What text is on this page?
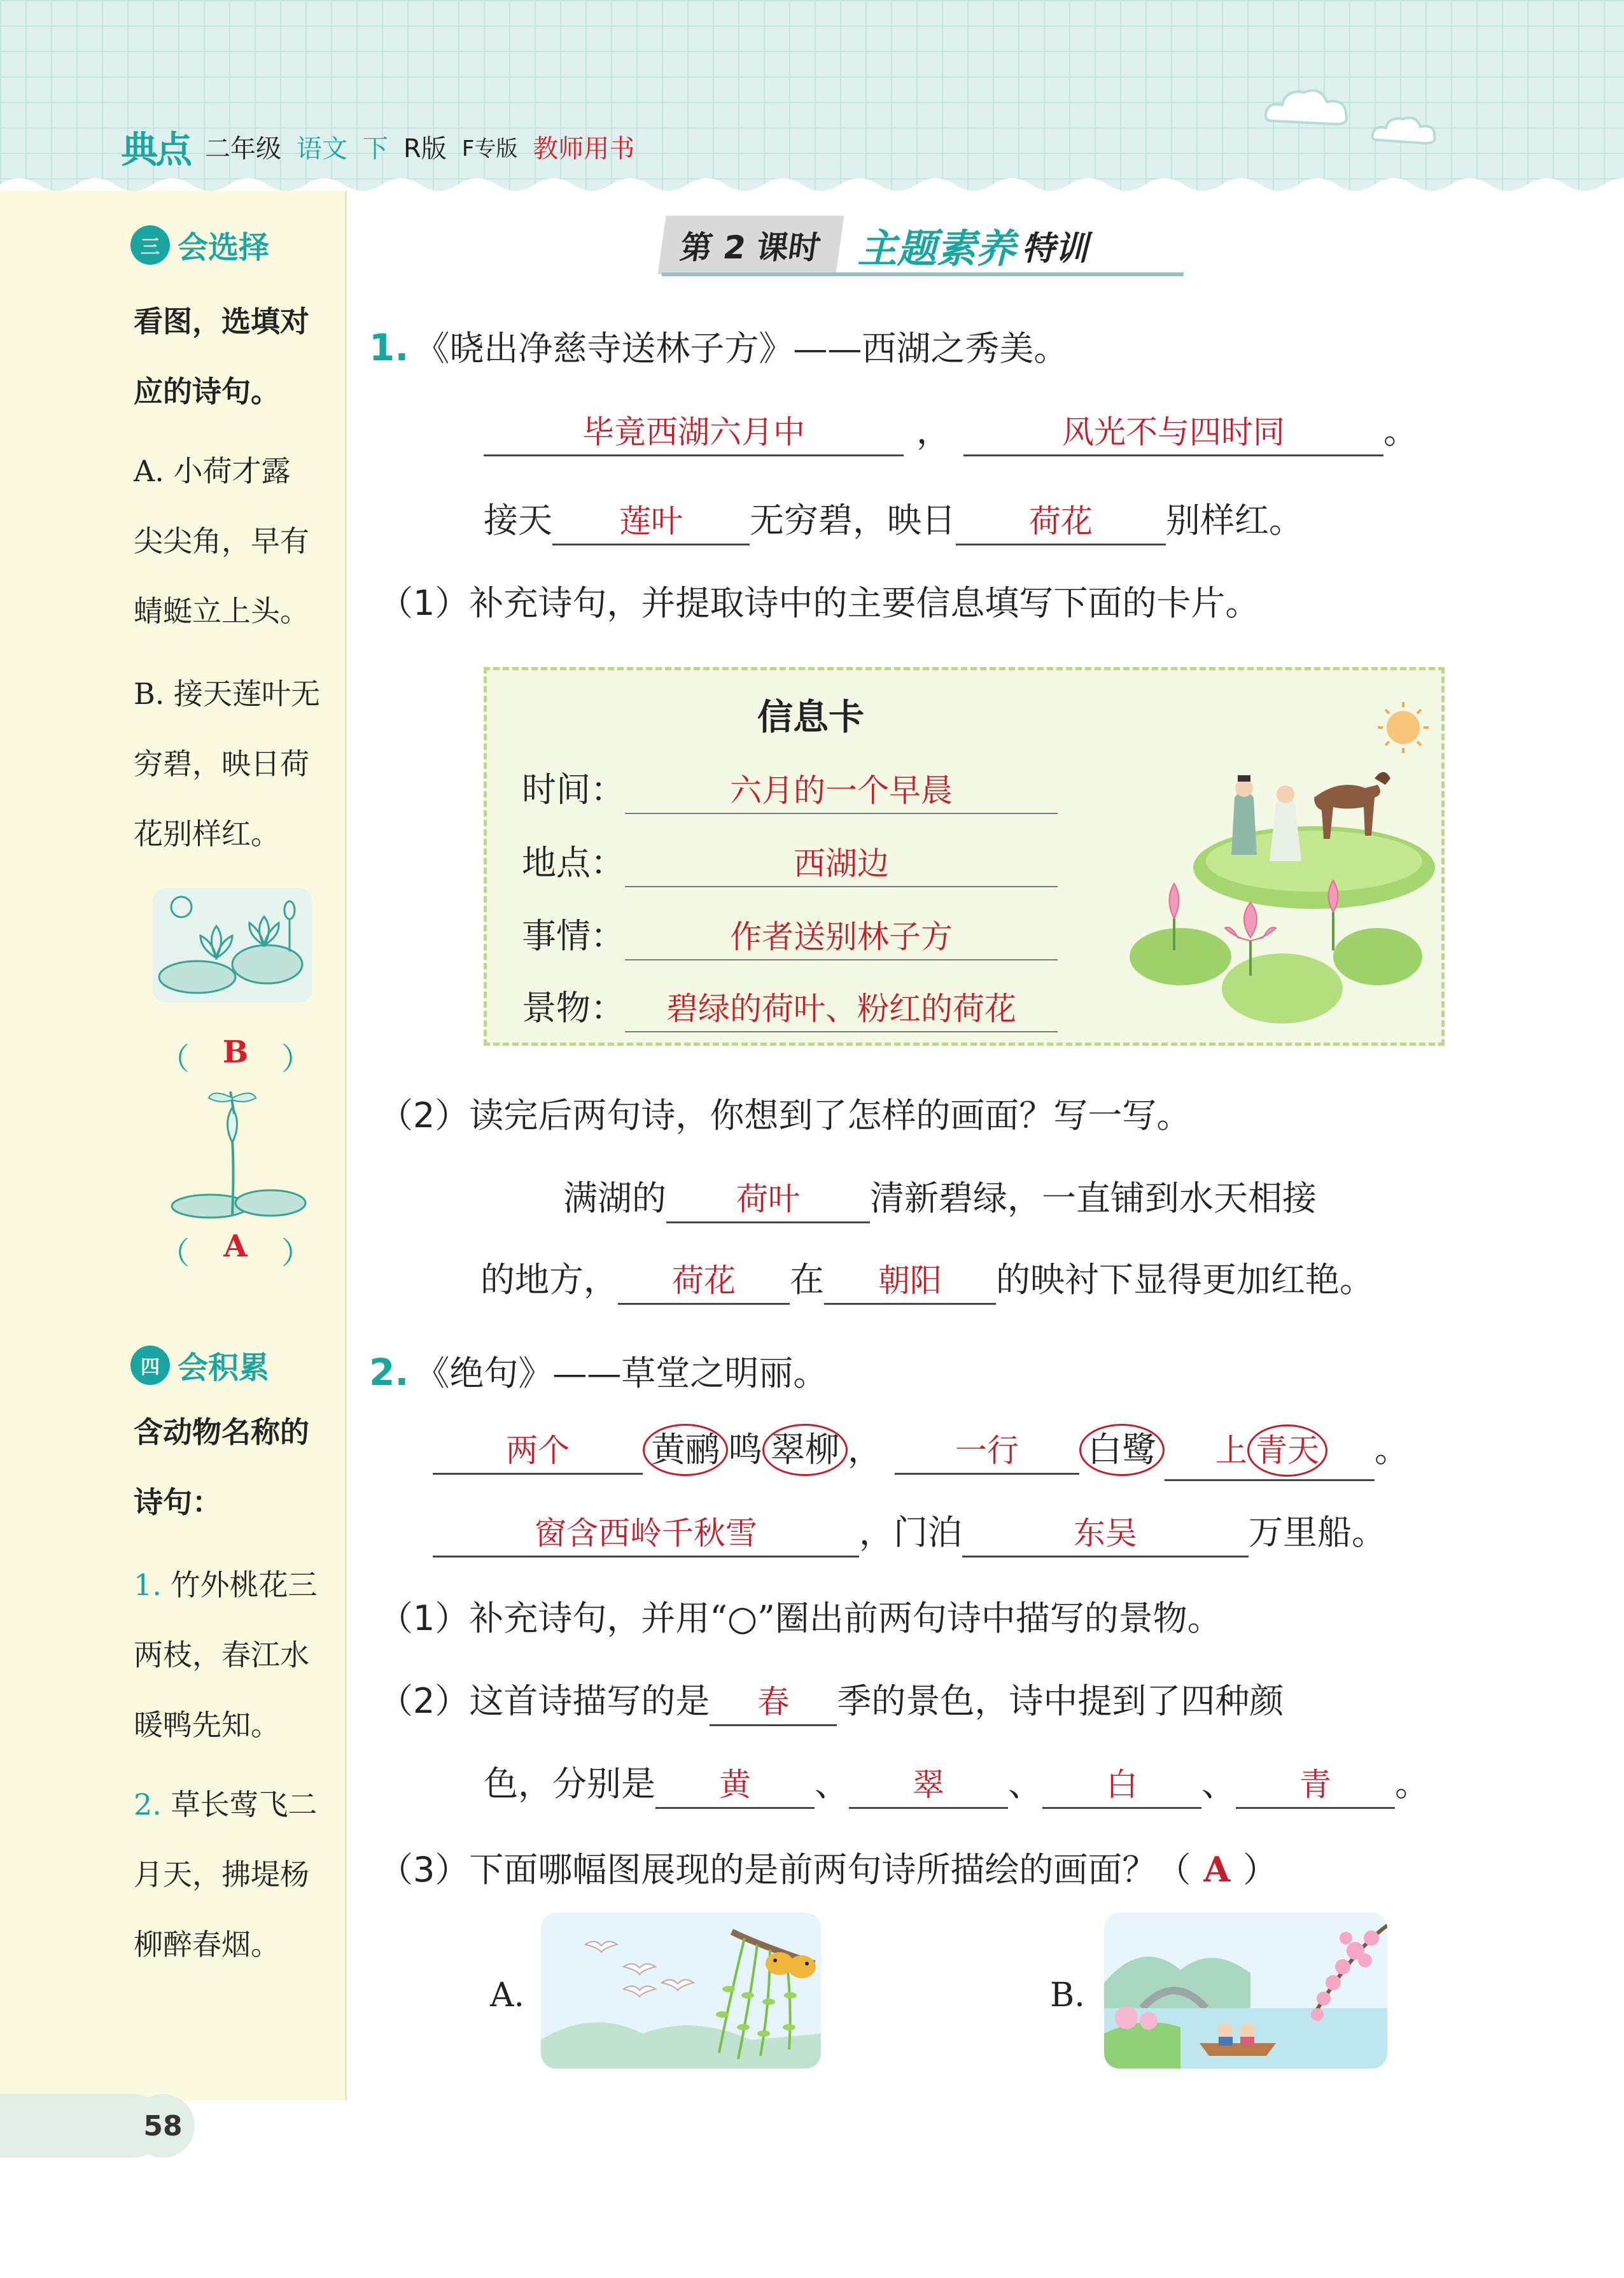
典点 二年级 语文 下 R版 F专版 教师用书
三 会选择
看图，选填对
应的诗句。
A. 小荷才露
尖尖角，早有
蜻蜓立上头。
B. 接天莲叶无
穷碧，映日荷
花别样红。
（ B ）
（ A ）
四 会积累
含动物名称的
诗句：
1. 竹外桃花三
两枝，春江水
暖鸭先知。
2. 草长莺飞二
月天，拂堤杨
柳醉春烟。
58
第 2 课时 主题素养 特训
1. 《晓出净慈寺送林子方》——西湖之秀美。
毕竟西湖六月中	，	风光不与四时同	。
接天	莲叶	无穷碧，映日	荷花	别样红。
（1） 补充诗句，并提取诗中的主要信息填写下面的卡片。
信息卡
时间：	六月的一个早晨
地点：	西湖边
事情：	作者送别林子方
景物：	碧绿的荷叶、粉红的荷花
（2） 读完后两句诗，你想到了怎样的画面？写一写。
满湖的	荷叶	清新碧绿，一直铺到水天相接
的地方，	荷花	在	朝阳	的映衬下显得更加红艳。
2. 《绝句》——草堂之明丽。
两个	黄鹂 鸣 翠柳 ，	一行	白鹭	上 青天	。
窗含西岭千秋雪	，门泊	东吴	万里船。
（1） 补充诗句，并用“○”圈出前两句诗中描写的景物。
（2） 这首诗描写的是	春	季的景色，诗中提到了四种颜
色，分别是	黄	、	翠	、	白	、	青	。
（3） 下面哪幅图展现的是前两句诗所描绘的画面？（ A ）
A.	B.
